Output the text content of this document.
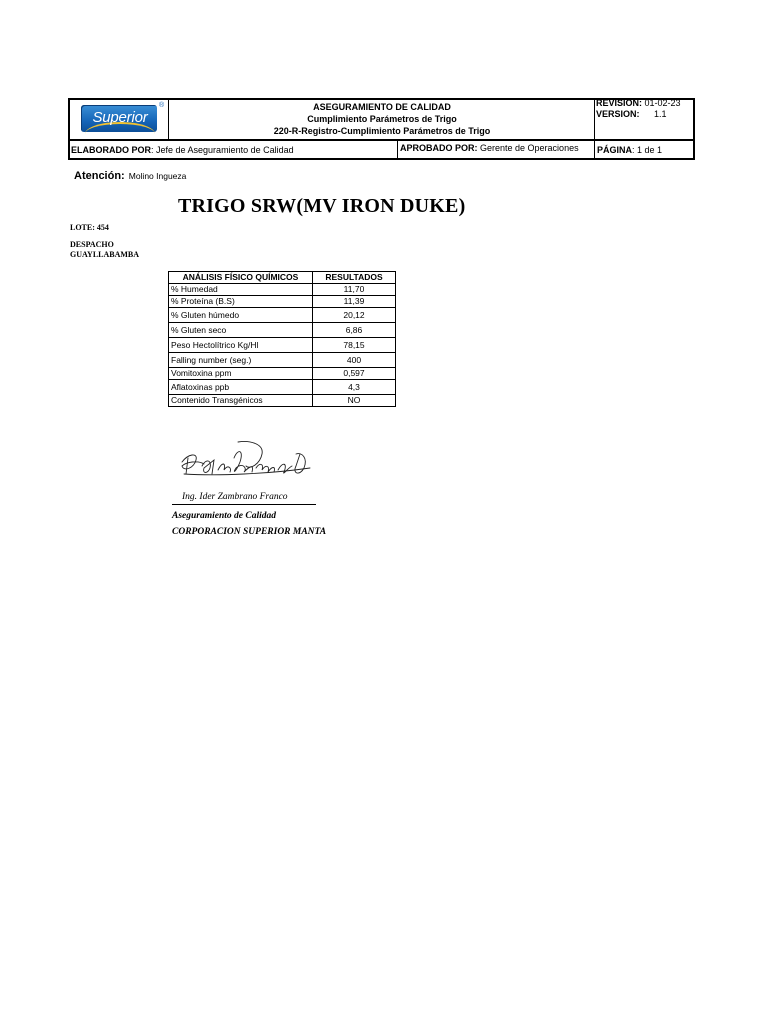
Superior
®	ASEGURAMIENTO DE CALIDAD
Cumplimiento Parámetros de Trigo
220-R-Registro-Cumplimiento Parámetros de Trigo
REVISION: 01-02-23
VERSION: 1.1
ELABORADO POR: Jefe de Aseguramiento de Calidad	APROBADO POR: Gerente de Operaciones PÁGINA: 1 de 1
Atención: Molino Ingueza
TRIGO SRW(MV IRON DUKE)
LOTE: 454
DESPACHO
GUAYLLABAMBA
ANÁLISIS FÍSICO QUÍMICOS	RESULTADOS
% Humedad	11,70
% Proteína (B.S)	11,39
% Gluten húmedo	20,12
% Gluten seco	6,86
Peso Hectolítrico Kg/Hl	78,15
Falling number (seg.)	400
Vomitoxina ppm	0,597
Aflatoxinas ppb	4,3
Contenido Transgénicos	NO
Ing. Ider Zambrano Franco
Aseguramiento de Calidad
CORPORACION SUPERIOR MANTA
